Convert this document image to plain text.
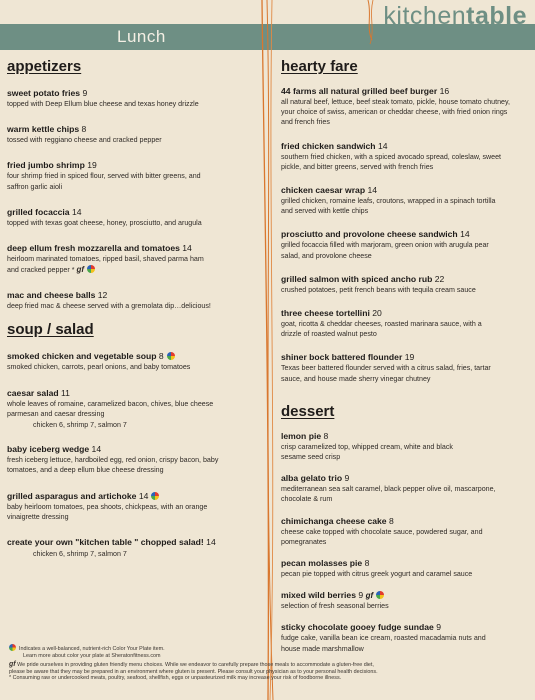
Lunch
kitchentable
appetizers
sweet potato fries 9
topped with Deep Ellum blue cheese and texas honey drizzle
warm kettle chips 8
tossed with reggiano cheese and cracked pepper
fried jumbo shrimp 19
four shrimp fried in spiced flour, served with bitter greens, and
saffron garlic aioli
grilled focaccia 14
topped with texas goat cheese, honey, prosciutto, and arugula
deep ellum fresh mozzarella and tomatoes 14
heirloom marinated tomatoes, ripped basil, shaved parma ham
and cracked pepper * gf
mac and cheese balls 12
deep fried mac & cheese served with a gremolata dip…delicious!
soup / salad
smoked chicken and vegetable soup 8
smoked chicken, carrots, pearl onions, and baby tomatoes
caesar salad 11
whole leaves of romaine, caramelized bacon, chives, blue cheese
parmesan and caesar dressing
chicken 6, shrimp 7, salmon 7
baby iceberg wedge 14
fresh iceberg lettuce, hardboiled egg, red onion, crispy bacon, baby
tomatoes, and a deep ellum blue cheese dressing
grilled asparagus and artichoke 14
baby heirloom tomatoes, pea shoots, chickpeas, with an orange
vinaigrette dressing
create your own "kitchen table " chopped salad! 14
chicken 6, shrimp 7, salmon 7
hearty fare
44 farms all natural grilled beef burger 16
all natural beef, lettuce, beef steak tomato, pickle, house tomato chutney,
your choice of swiss, american or cheddar cheese, with fried onion rings
and french fries
fried chicken sandwich 14
southern fried chicken, with a spiced avocado spread, coleslaw, sweet
pickle, and bitter greens, served with french fries
chicken caesar wrap 14
grilled chicken, romaine leafs, croutons, wrapped in a spinach tortilla
and served with kettle chips
prosciutto and provolone cheese sandwich 14
grilled focaccia filled with marjoram, green onion with arugula pear
salad, and provolone cheese
grilled salmon with spiced ancho rub 22
crushed potatoes, petit french beans with tequila cream sauce
three cheese tortellini 20
goat, ricotta & cheddar cheeses, roasted marinara sauce, with a
drizzle of roasted walnut pesto
shiner bock battered flounder 19
Texas beer battered flounder served with a citrus salad, fries, tartar
sauce, and house made sherry vinegar chutney
dessert
lemon pie 8
crisp caramelized top, whipped cream, white and black
sesame seed crisp
alba gelato trio 9
mediterranean sea salt caramel, black pepper olive oil, mascarpone,
chocolate & rum
chimichanga cheese cake 8
cheese cake topped with chocolate sauce, powdered sugar, and
pomegranates
pecan molasses pie 8
pecan pie topped with citrus greek yogurt and caramel sauce
mixed wild berries 9 gf
selection of fresh seasonal berries
sticky chocolate gooey fudge sundae 9
fudge cake, vanilla bean ice cream, roasted macadamia nuts and
house made marshmallow
Indicates a well-balanced, nutrient-rich Color Your Plate item.
Learn more about color your plate at Sheratonfitness.com
gf We pride ourselves in providing gluten friendly menu choices. While we endeavor to carefully prepare those meals to accommodate a gluten-free diet,
please be aware that they may be prepared in an environment where gluten is present. Please consult your physician as to your personal health decisions.
* Consuming raw or undercooked meats, poultry, seafood, shellfish, eggs or unpasteurized milk may increase your risk of foodborne illness.
